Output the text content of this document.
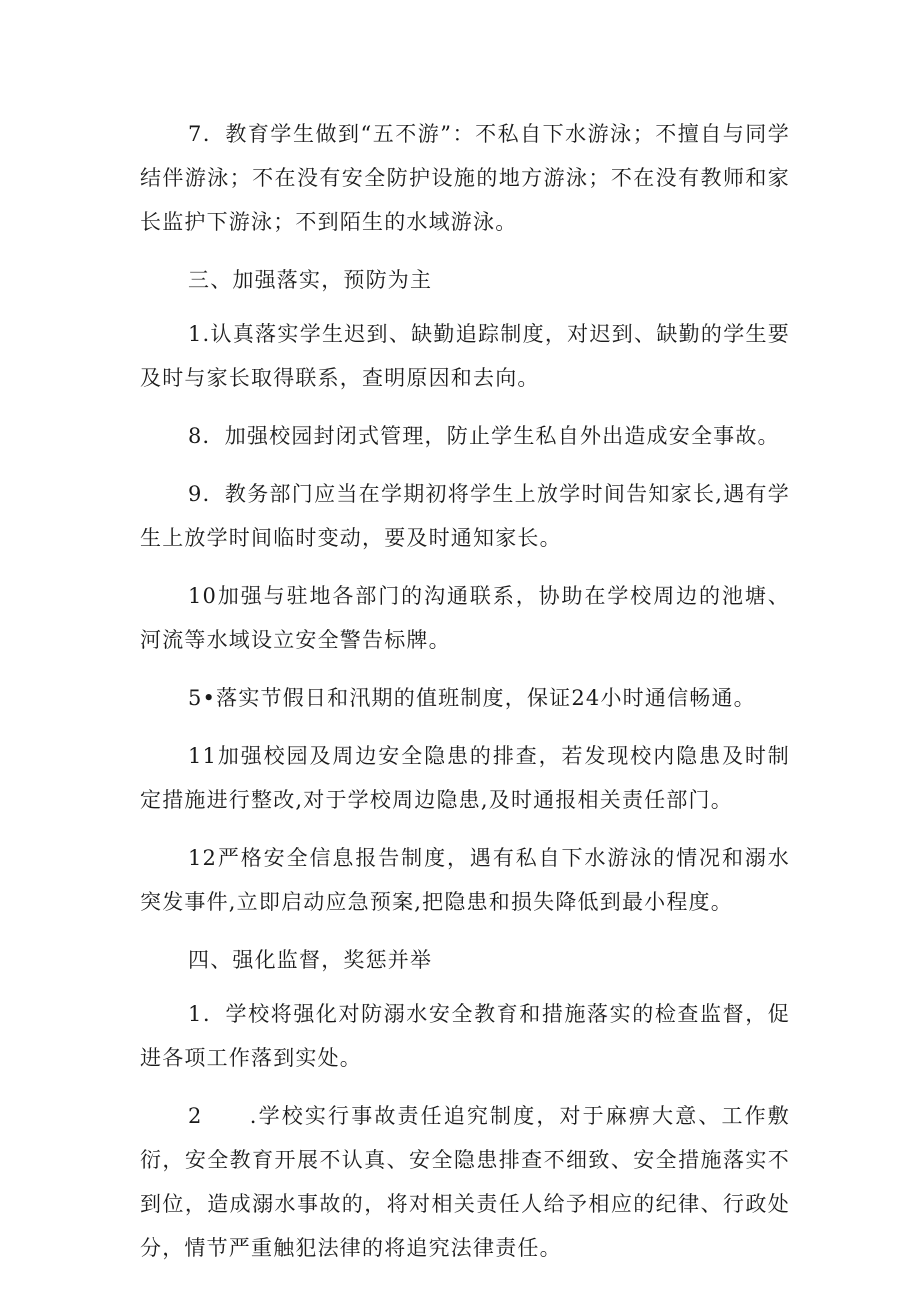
7．教育学生做到“五不游”：不私自下水游泳；不擅自与同学结伴游泳；不在没有安全防护设施的地方游泳；不在没有教师和家长监护下游泳；不到陌生的水域游泳。

三、加强落实，预防为主

1.认真落实学生迟到、缺勤追踪制度，对迟到、缺勤的学生要及时与家长取得联系，查明原因和去向。

8．加强校园封闭式管理，防止学生私自外出造成安全事故。

9．教务部门应当在学期初将学生上放学时间告知家长,遇有学生上放学时间临时变动，要及时通知家长。

10加强与驻地各部门的沟通联系，协助在学校周边的池塘、河流等水域设立安全警告标牌。

5•落实节假日和汛期的值班制度，保证24小时通信畅通。

11加强校园及周边安全隐患的排查，若发现校内隐患及时制定措施进行整改,对于学校周边隐患,及时通报相关责任部门。

12严格安全信息报告制度，遇有私自下水游泳的情况和溺水突发事件,立即启动应急预案,把隐患和损失降低到最小程度。

四、强化监督，奖惩并举

1．学校将强化对防溺水安全教育和措施落实的检查监督，促进各项工作落到实处。

2　　.学校实行事故责任追究制度，对于麻痹大意、工作敷衍，安全教育开展不认真、安全隐患排查不细致、安全措施落实不到位，造成溺水事故的，将对相关责任人给予相应的纪律、行政处分，情节严重触犯法律的将追究法律责任。
